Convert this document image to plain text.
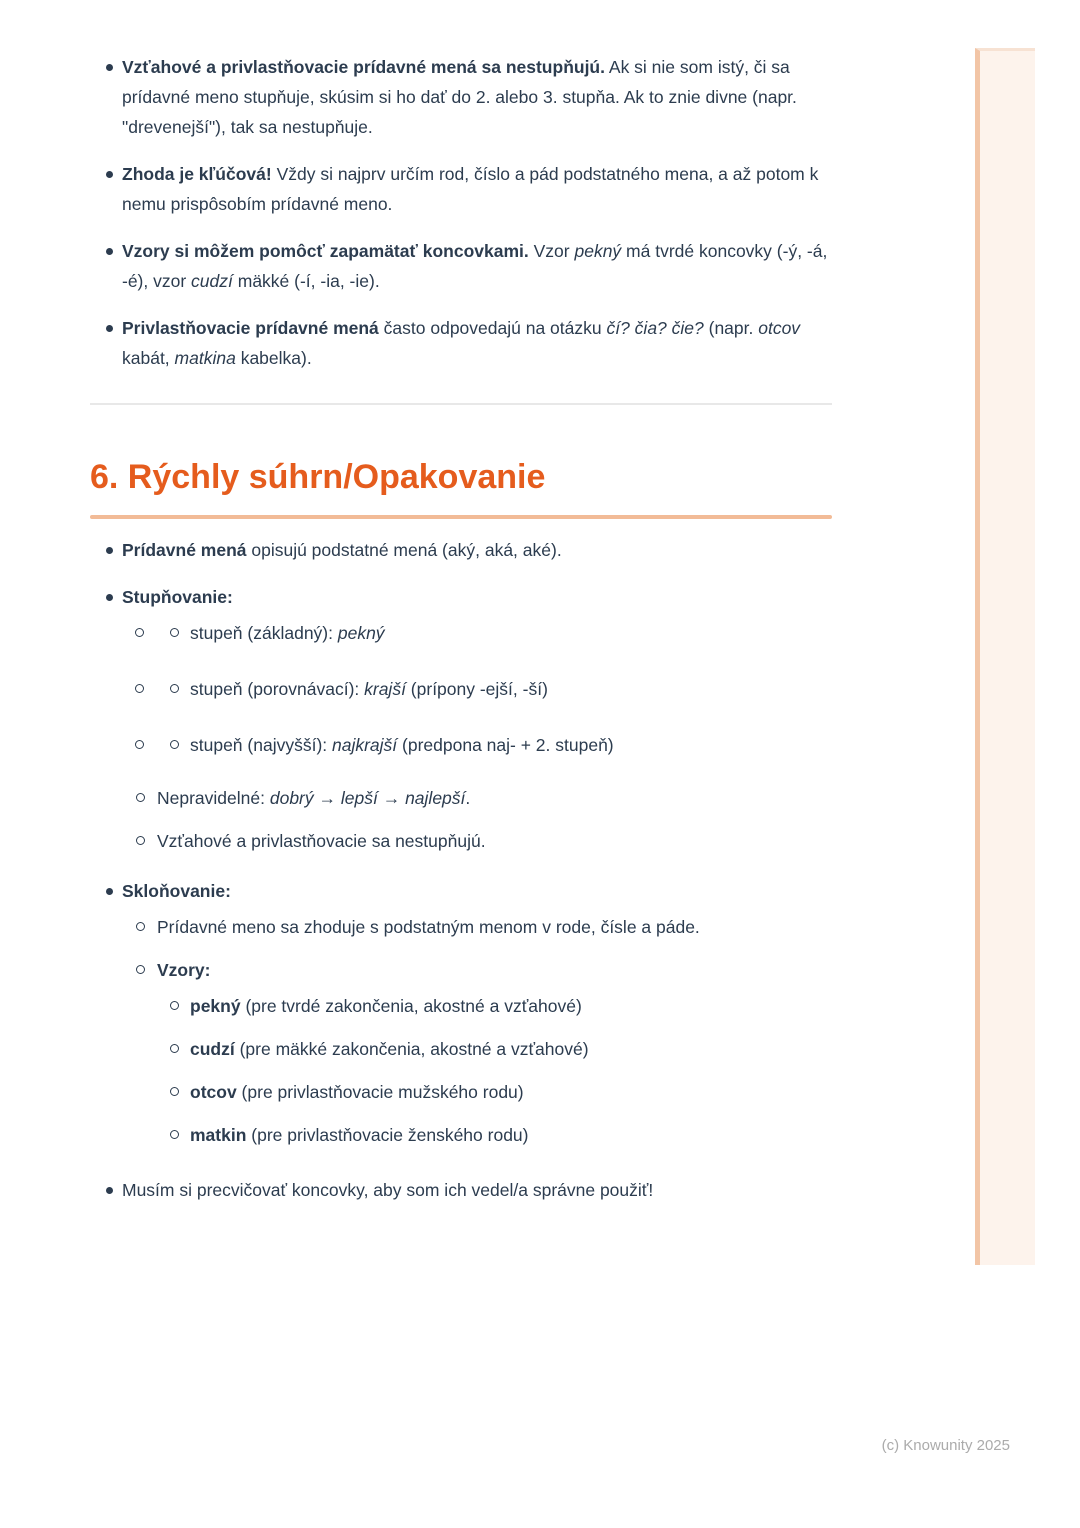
Vzťahové a privlastňovacie prídavné mená sa nestupňujú. Ak si nie som istý, či sa prídavné meno stupňuje, skúsim si ho dať do 2. alebo 3. stupňa. Ak to znie divne (napr. "drevenejší"), tak sa nestupňuje.
Zhoda je kľúčová! Vždy si najprv určím rod, číslo a pád podstatného mena, a až potom k nemu prispôsobím prídavné meno.
Vzory si môžem pomôcť zapamätať koncovkami. Vzor pekný má tvrdé koncovky (-ý, -á, -é), vzor cudzí mäkké (-í, -ia, -ie).
Privlastňovacie prídavné mená často odpovedajú na otázku čí? čia? čie? (napr. otcov kabát, matkina kabelka).
6. Rýchly súhrn/Opakovanie
Prídavné mená opisujú podstatné mená (aký, aká, aké).
Stupňovanie:
stupeň (základný): pekný
stupeň (porovnávací): krajší (prípony -ejší, -ší)
stupeň (najvyšší): najkrajší (predpona naj- + 2. stupeň)
Nepravidelné: dobrý → lepší → najlepší.
Vzťahové a privlastňovacie sa nestupňujú.
Skloňovanie:
Prídavné meno sa zhoduje s podstatným menom v rode, čísle a páde.
Vzory:
pekný (pre tvrdé zakončenia, akostné a vzťahové)
cudzí (pre mäkké zakončenia, akostné a vzťahové)
otcov (pre privlastňovacie mužského rodu)
matkin (pre privlastňovacie ženského rodu)
Musím si precvičovať koncovky, aby som ich vedel/a správne použiť!
(c) Knowunity 2025
